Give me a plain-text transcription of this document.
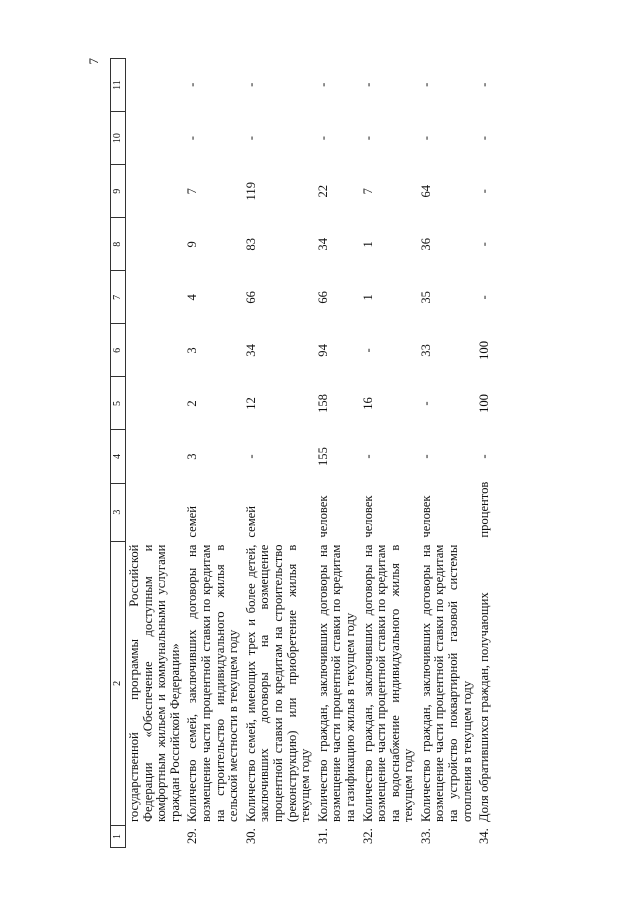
7
1	2	3	4	5	6	7	8	9	10	11
	государственной программы Российской Федерации «Обеспечение доступным и комфортным жильем и коммунальными услугами граждан Российской Федерации»									
29.	Количество семей, заключивших договоры на возмещение части процентной ставки по кредитам на строительство индивидуального жилья в сельской местности в текущем году	семей	3	2	3	4	9	7	-	-
30.	Количество семей, имеющих трех и более детей, заключивших договоры на возмещение процентной ставки по кредитам на строительство (реконструкцию) или приобретение жилья в текущем году	семей	-	12	34	66	83	119	-	-
31.	Количество граждан, заключивших договоры на возмещение части процентной ставки по кредитам на газификацию жилья в текущем году	человек	155	158	94	66	34	22	-	-
32.	Количество граждан, заключивших договоры на возмещение части процентной ставки по кредитам на водоснабжение индивидуального жилья в текущем году	человек	-	16	-	1	1	7	-	-
33.	Количество граждан, заключивших договоры на возмещение части процентной ставки по кредитам на устройство поквартирной газовой системы отопления в текущем году	человек	-	-	33	35	36	64	-	-
34.	Доля обратившихся граждан, получающих	процентов	-	100	100	-	-	-	-	-
